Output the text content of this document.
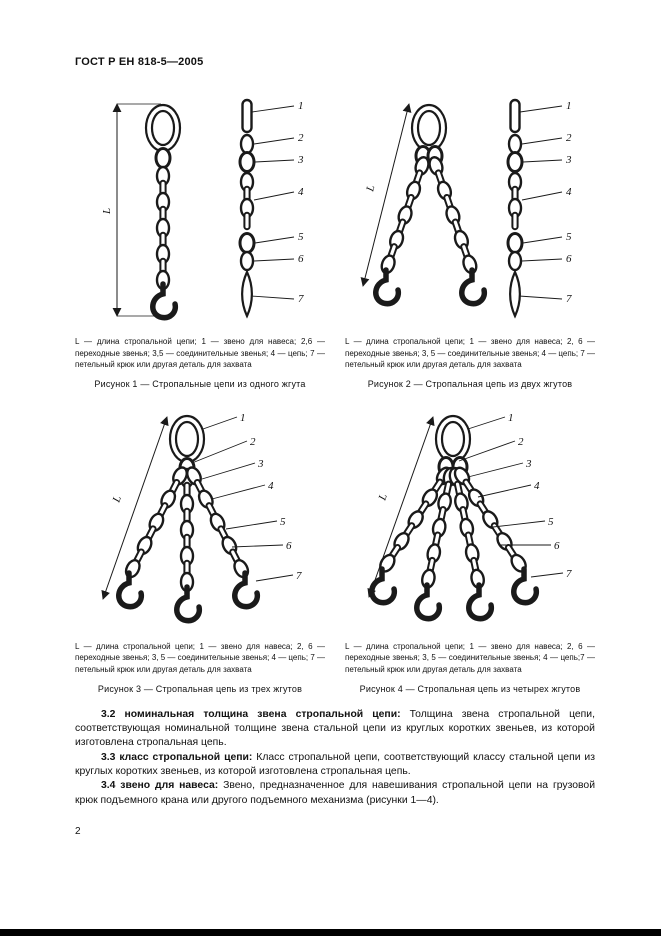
ГОСТ Р ЕН 818-5—2005
L
1
2
3
4
5
6
7

L — длина стропальной цепи; 1 — звено для навеса; 2,6 — переходные звенья; 3,5 — соединительные звенья; 4 — цепь; 7 — петельный крюк или другая деталь для захвата

Рисунок 1 — Стропальные цепи из одного жгута

L
1
2
3
4
5
6
7

L — длина стропальной цепи; 1 — звено для навеса; 2, 6 — переходные звенья; 3, 5 — соединительные звенья; 4 — цепь; 7 — петельный крюк или другая деталь для захвата

Рисунок 2 — Стропальная цепь из двух жгутов

L
1
2
3
4
5
6
7

L — длина стропальной цепи; 1 — звено для навеса; 2, 6 — переходные звенья; 3, 5 — соединительные звенья; 4 — цепь; 7 — петельный крюк или другая деталь для захвата

Рисунок 3 — Стропальная цепь из трех жгутов

L
1
2
3
4
5
6
7

L — длина стропальной цепи; 1 — звено для навеса; 2, 6 — переходные звенья; 3, 5 — соединительные звенья; 4 — цепь;7 — петельный крюк или другая деталь для захвата

Рисунок 4 — Стропальная цепь из четырех жгутов

3.2 номинальная толщина звена стропальной цепи: Толщина звена стропальной цепи, соответствующая номинальной толщине звена стальной цепи из круглых коротких звеньев, из которой изготовлена стропальная цепь.

3.3 класс стропальной цепи: Класс стропальной цепи, соответствующий классу стальной цепи из круглых коротких звеньев, из которой изготовлена стропальная цепь.

3.4 звено для навеса: Звено, предназначенное для навешивания стропальной цепи на грузовой крюк подъемного крана или другого подъемного механизма (рисунки 1—4).

2
